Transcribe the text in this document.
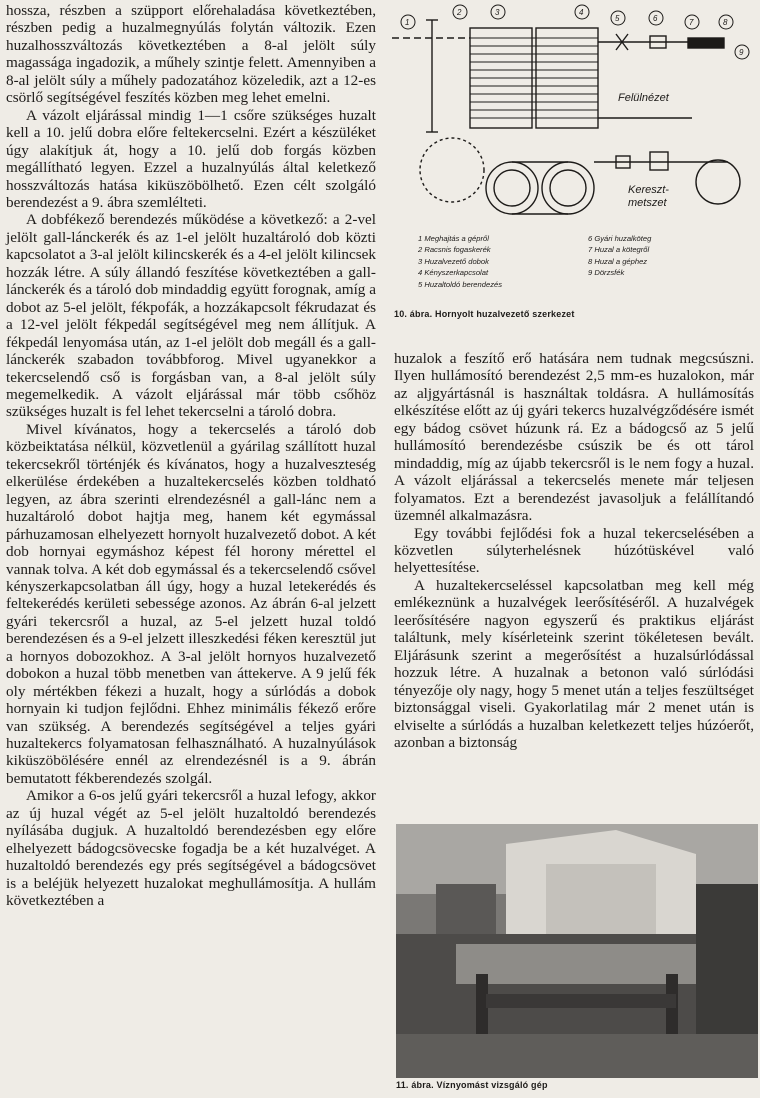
hossza, részben a szüpport előrehaladása következtében, részben pedig a huzalmegnyúlás folytán változik. Ezen huzalhosszváltozás következtében a 8-al jelölt súly magassága ingadozik, a műhely szintje felett. Amennyiben a 8-al jelölt súly a műhely padozatához közeledik, azt a 12-es csörlő segítségével feszítés közben meg lehet emelni.

A vázolt eljárással mindig 1—1 csőre szükséges huzalt kell a 10. jelű dobra előre feltekercselni. Ezért a készüléket úgy alakítjuk át, hogy a 10. jelű dob forgás közben megállítható legyen. Ezzel a huzalnyúlás által keletkező hosszváltozás hatása kiküszöbölhető. Ezen célt szolgáló berendezést a 9. ábra szemlélteti.

A dobfékező berendezés működése a következő: a 2-vel jelölt gall-lánckerék és az 1-el jelölt huzaltároló dob közti kapcsolatot a 3-al jelölt kilincskerék és a 4-el jelölt kilincsek hozzák létre. A súly állandó feszítése következtében a gall-lánckerék és a tároló dob mindaddig együtt forognak, amíg a dobot az 5-el jelölt, fékpofák, a hozzákapcsolt fékrudazat és a 12-vel jelölt fékpedál segítségével meg nem állítjuk. A fékpedál lenyomása után, az 1-el jelölt dob megáll és a gall-lánckerék szabadon továbbforog. Mivel ugyanekkor a tekercselendő cső is forgásban van, a 8-al jelölt súly megemelkedik. A vázolt eljárással már több csőhöz szükséges huzalt is fel lehet tekercselni a tároló dobra.

Mivel kívánatos, hogy a tekercselés a tároló dob közbeiktatása nélkül, közvetlenül a gyárilag szállított huzal tekercsekről történjék és kívánatos, hogy a huzalveszteség elkerülése érdekében a huzaltekercselés közben toldható legyen, az ábra szerinti elrendezésnél a gall-lánc nem a huzaltároló dobot hajtja meg, hanem két egymással párhuzamosan elhelyezett hornyolt huzalvezető dobot. A két dob hornyai egymáshoz képest fél horony mérettel el vannak tolva. A két dob egymással és a tekercselendő csővel kényszerkapcsolatban áll úgy, hogy a huzal letekerédés és feltekerédés kerületi sebessége azonos. Az ábrán 6-al jelzett gyári tekercsről a huzal, az 5-el jelzett huzal toldó berendezésen és a 9-el jelzett illeszkedési féken keresztül jut a hornyos dobozokhoz. A 3-al jelölt hornyos huzalvezető dobokon a huzal több menetben van áttekerve. A 9 jelű fék oly mértékben fékezi a huzalt, hogy a súrlódás a dobok hornyain ki tudjon fejlődni. Ehhez minimális fékező erőre van szükség. A berendezés segítségével a teljes gyári huzaltekercs folyamatosan felhasználható. A huzalnyúlások kiküszöbölésére ennél az elrendezésnél is a 9. ábrán bemutatott fékberendezés szolgál.

Amikor a 6-os jelű gyári tekercsről a huzal lefogy, akkor az új huzal végét az 5-el jelölt huzaltoldó berendezés nyílásába dugjuk. A huzaltoldó berendezésben egy előre elhelyezett bádogcsövecske fogadja be a két huzalvéget. A huzaltoldó berendezés egy prés segítségével a bádogcsövet is a beléjük helyezett huzalokat meghullámosítja. A hullám következtében a

1
2	3	4
5	6	7	8
9
Felülnézet
Kereszt-
metszet
1 Meghajtás a gépről
2 Racsnis fogaskerék
3 Huzalvezető dobok
4 Kényszerkapcsolat
5 Huzaltoldó berendezés
6 Gyári huzalköteg
7 Huzal a kötegről
8 Huzal a géphez
9 Dörzsfék
10. ábra. Hornyolt huzalvezető szerkezet

huzalok a feszítő erő hatására nem tudnak megcsúszni. Ilyen hullámosító berendezést 2,5 mm-es huzalokon, már az aljgyártásnál is használtak toldásra. A hullámosítás elkészítése előtt az új gyári tekercs huzalvégződésére ismét egy bádog csövet húzunk rá. Ez a bádogcső az 5 jelű hullámosító berendezésbe csúszik be és ott tárol mindaddig, míg az újabb tekercsről is le nem fogy a huzal. A vázolt eljárással a tekercselés menete már teljesen folyamatos. Ezt a berendezést javasoljuk a felállítandó üzemnél alkalmazásra.

Egy további fejlődési fok a huzal tekercselésében a közvetlen súlyterhelésnek húzótüskével való helyettesítése.

A huzaltekercseléssel kapcsolatban meg kell még emlékeznünk a huzalvégek leerősítéséről. A huzalvégek leerősítésére nagyon egyszerű és praktikus eljárást találtunk, mely kísérleteink szerint tökéletesen bevált. Eljárásunk szerint a megerősítést a huzalsúrlódással hozzuk létre. A huzalnak a betonon való súrlódási tényezője oly nagy, hogy 5 menet után a teljes feszültséget biztonsággal viseli. Gyakorlatilag már 2 menet után is elviselte a súrlódás a huzalban keletkezett teljes húzóerőt, azonban a biztonság

11. ábra. Víznyomást vizsgáló gép
